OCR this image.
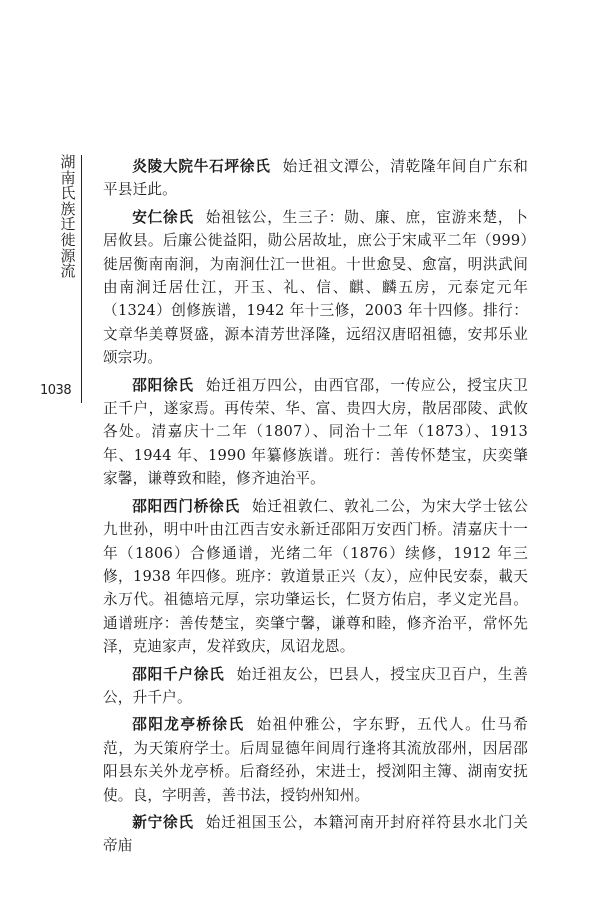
湖南氏族迁徙源流
1038

炎陵大院牛石坪徐氏 始迁祖文潭公，清乾隆年间自广东和平县迁此。

安仁徐氏 始祖铉公，生三子：勋、廉、庶，宦游来楚，卜居攸县。后廉公徙益阳，勋公居故址，庶公于宋咸平二年（999）徙居衡南南涧，为南涧仕江一世祖。十世愈旻、愈富，明洪武间由南涧迁居仕江，开玉、礼、信、麒、麟五房，元泰定元年（1324）创修族谱，1942 年十三修，2003 年十四修。排行：文章华美尊贤盛，源本清芳世泽隆，远绍汉唐昭祖德，安邦乐业颂宗功。

邵阳徐氏 始迁祖万四公，由西官邵，一传应公，授宝庆卫正千户，遂家焉。再传荣、华、富、贵四大房，散居邵陵、武攸各处。清嘉庆十二年（1807）、同治十二年（1873）、1913 年、1944 年、1990 年纂修族谱。班行：善传怀楚宝，庆奕肇家馨，谦尊致和睦，修齐迪治平。

邵阳西门桥徐氏 始迁祖敦仁、敦礼二公，为宋大学士铉公九世孙，明中叶由江西吉安永新迁邵阳万安西门桥。清嘉庆十一年（1806）合修通谱，光绪二年（1876）续修，1912 年三修，1938 年四修。班序：敦道景正兴（友），应仲民安泰，載天永万代。祖德培元厚，宗功肇运长，仁贤方佑启，孝义定光昌。通谱班序：善传楚宝，奕肇宁馨，谦尊和睦，修齐治平，常怀先泽，克迪家声，发祥致庆，凤诏龙恩。

邵阳千户徐氏 始迁祖友公，巴县人，授宝庆卫百户，生善公，升千户。

邵阳龙亭桥徐氏 始祖仲雅公，字东野，五代人。仕马希范，为天策府学士。后周显德年间周行逢将其流放邵州，因居邵阳县东关外龙亭桥。后裔经孙，宋进士，授浏阳主簿、湖南安抚使。良，字明善，善书法，授钧州知州。

新宁徐氏 始迁祖国玉公，本籍河南开封府祥符县水北门关帝庙
